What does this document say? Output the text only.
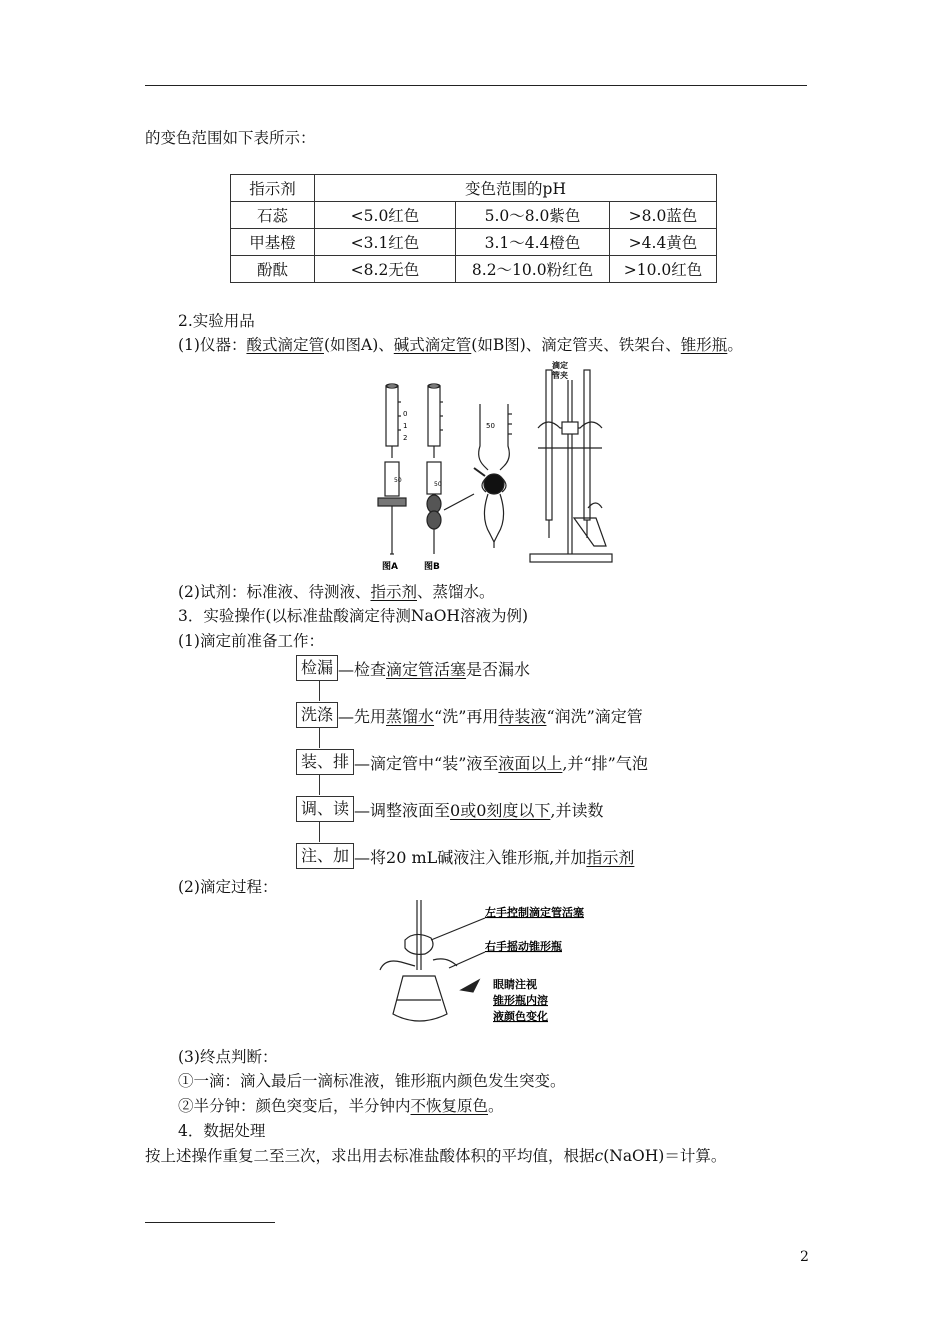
的变色范围如下表所示：
指示剂	变色范围的pH		
石蕊	<5.0红色	5.0～8.0紫色	>8.0蓝色
甲基橙	<3.1红色	3.1～4.4橙色	>4.4黄色
酚酞	<8.2无色	8.2～10.0粉红色	>10.0红色
2.实验用品
(1)仪器：酸式滴定管(如图A)、碱式滴定管(如B图)、滴定管夹、铁架台、锥形瓶。
0
1
2
50
50
50
滴定
管夹
图A	图B
(2)试剂：标准液、待测液、指示剂、蒸馏水。
3．实验操作(以标准盐酸滴定待测NaOH溶液为例)
(1)滴定前准备工作：
检漏 —检查 滴定管活塞 是否漏水
洗涤 —先用 蒸馏水 “洗”再用 待装液 “润洗”滴定管
装、排 —滴定管中“装”液至 液面以上 ,并“排”气泡
调、读 —调整液面至 0或0刻度以下 ,并读数
注、加 —将20 mL碱液注入锥形瓶,并加 指示剂
(2)滴定过程：
左手控制滴定管活塞
右手摇动锥形瓶
眼睛注视
锥形瓶内溶
液颜色变化
(3)终点判断：
①一滴：滴入最后一滴标准液，锥形瓶内颜色发生突变。
②半分钟：颜色突变后，半分钟内不恢复原色。
4．数据处理
按上述操作重复二至三次，求出用去标准盐酸体积的平均值，根据c(NaOH)＝计算。
2
